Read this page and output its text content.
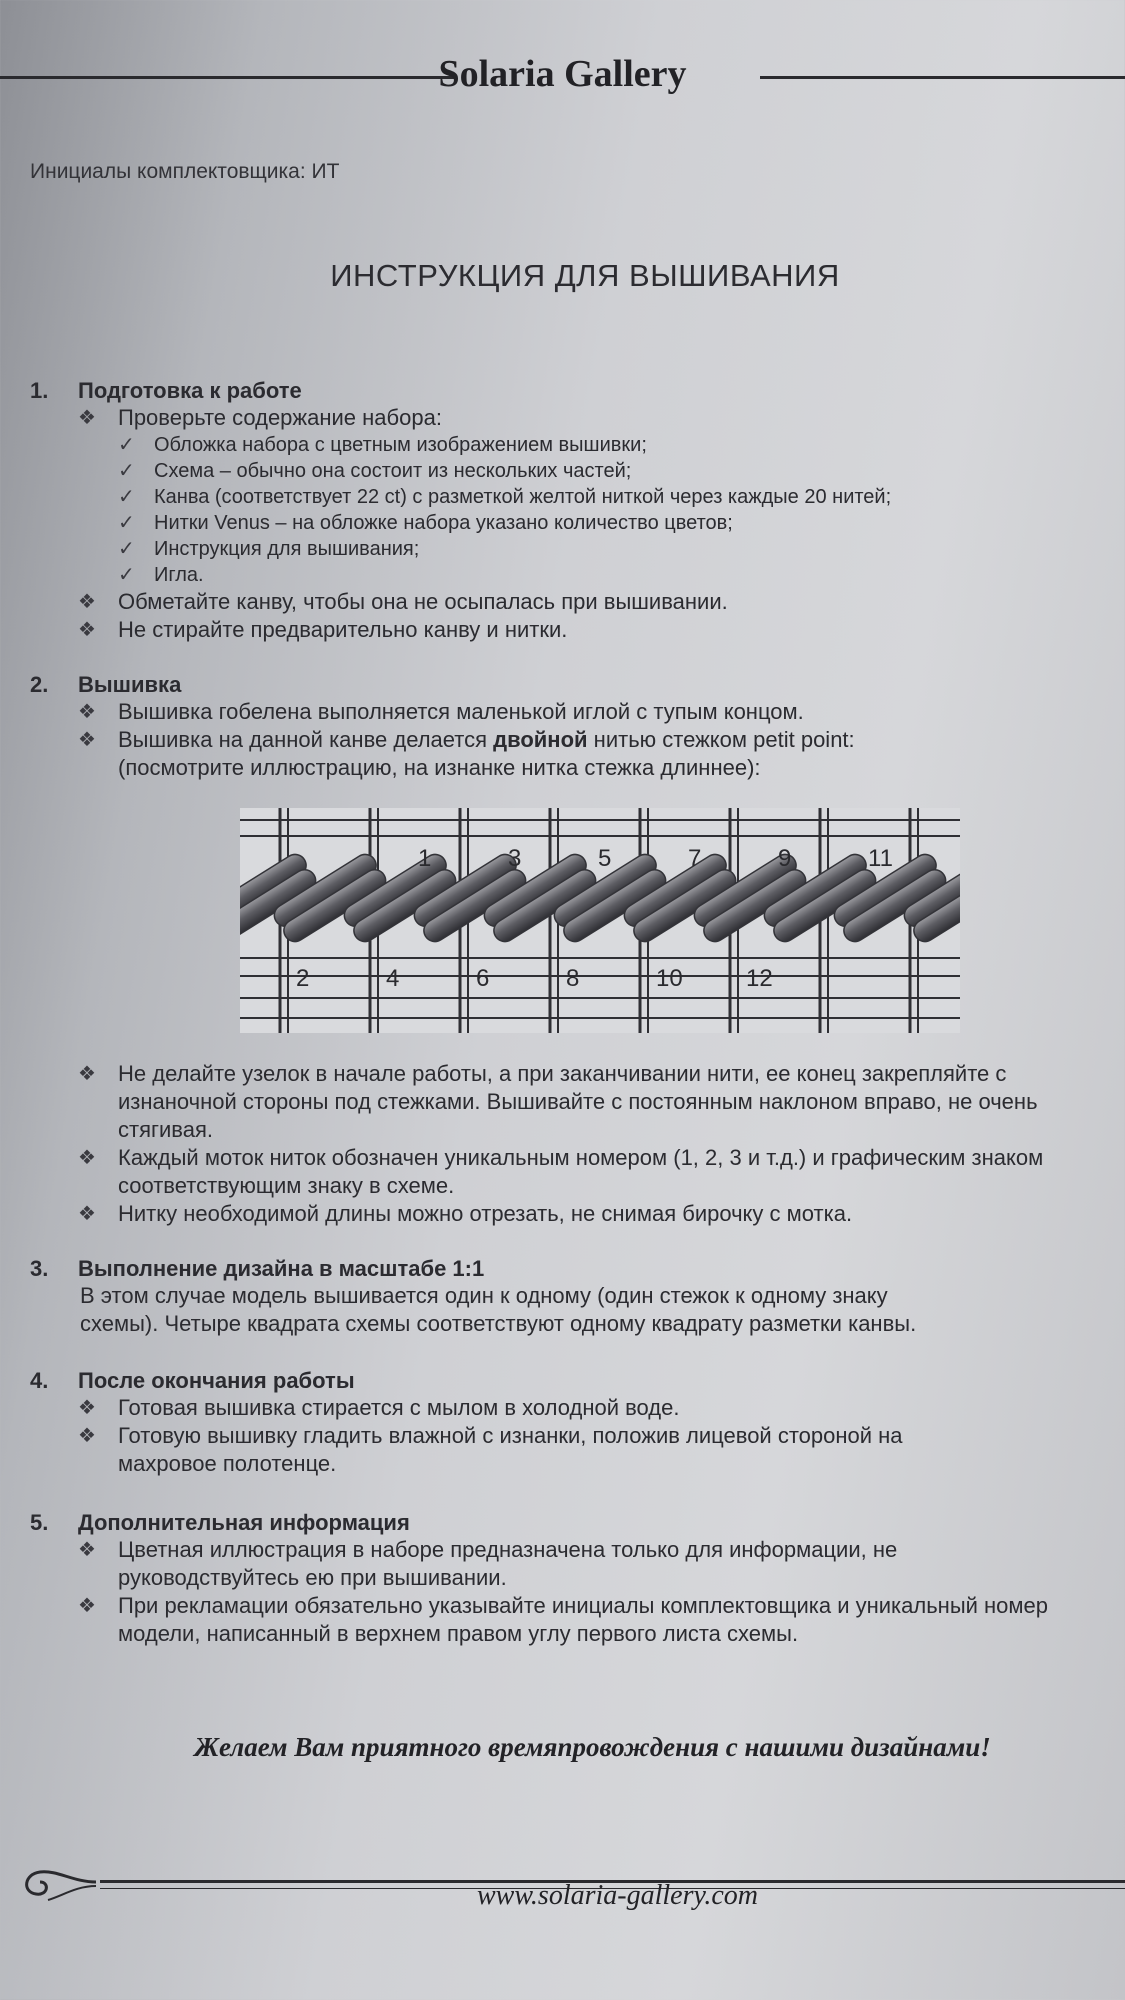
Solaria Gallery
Инициалы комплектовщика: ИТ
ИНСТРУКЦИЯ ДЛЯ ВЫШИВАНИЯ
1.	Подготовка к работе
❖	Проверьте содержание набора:
✓ Обложка набора с цветным изображением вышивки;
✓ Схема – обычно она состоит из нескольких частей;
✓ Канва (соответствует 22 ct) с разметкой желтой ниткой через каждые 20 нитей;
✓ Нитки Venus – на обложке набора указано количество цветов;
✓ Инструкция для вышивания;
✓ Игла.
❖	Обметайте канву, чтобы она не осыпалась при вышивании.
❖	Не стирайте предварительно канву и нитки.
2.	Вышивка
❖	Вышивка гобелена выполняется маленькой иглой с тупым концом.
❖	Вышивка на данной канве делается двойной нитью стежком petit point:
(посмотрите иллюстрацию, на изнанке нитка стежка длиннее):
1	3	5	7	9	11
2	4	6	8	10	12
❖	Не делайте узелок в начале работы, а при заканчивании нити, ее конец закрепляйте с
изнаночной стороны под стежками. Вышивайте с постоянным наклоном вправо, не очень
стягивая.
❖	Каждый моток ниток обозначен уникальным номером (1, 2, 3 и т.д.) и графическим знаком
соответствующим знаку в схеме.
❖	Нитку необходимой длины можно отрезать, не снимая бирочку с мотка.
3.	Выполнение дизайна в масштабе 1:1
В этом случае модель вышивается один к одному (один стежок к одному знаку
схемы). Четыре квадрата схемы соответствуют одному квадрату разметки канвы.
4.	После окончания работы
❖	Готовая вышивка стирается с мылом в холодной воде.
❖	Готовую вышивку гладить влажной с изнанки, положив лицевой стороной на
махровое полотенце.
5.	Дополнительная информация
❖	Цветная иллюстрация в наборе предназначена только для информации, не
руководствуйтесь ею при вышивании.
❖	При рекламации обязательно указывайте инициалы комплектовщика и уникальный номер
модели, написанный в верхнем правом углу первого листа схемы.
Желаем Вам приятного времяпровождения с нашими дизайнами!
www.solaria-gallery.com
